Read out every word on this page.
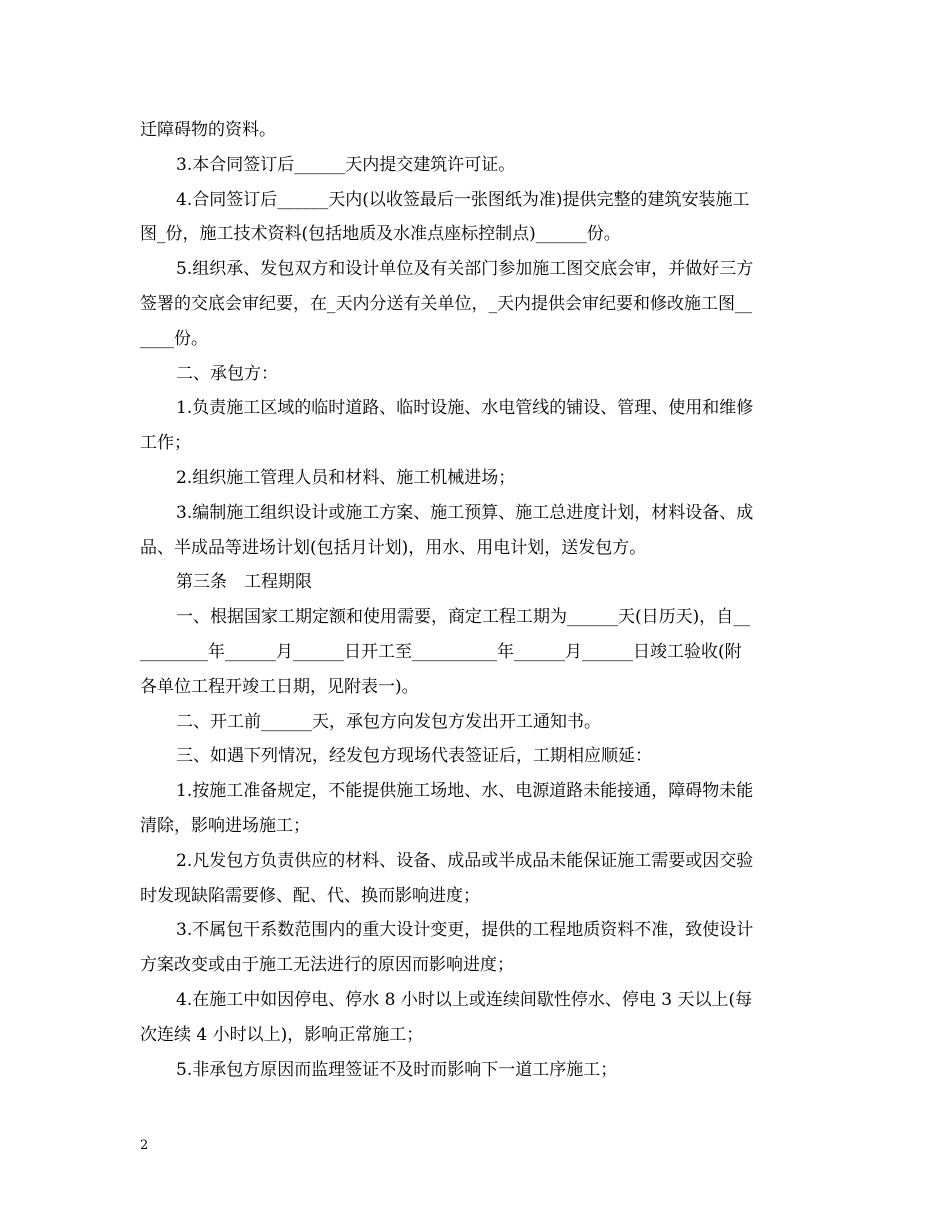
迁障碍物的资料。
3.本合同签订后______天内提交建筑许可证。
4.合同签订后______天内(以收签最后一张图纸为准)提供完整的建筑安装施工
图_份，施工技术资料(包括地质及水准点座标控制点)______份。
5.组织承、发包双方和设计单位及有关部门参加施工图交底会审，并做好三方
签署的交底会审纪要，在_天内分送有关单位，_天内提供会审纪要和修改施工图__
____份。
二、承包方：
1.负责施工区域的临时道路、临时设施、水电管线的铺设、管理、使用和维修
工作；
2.组织施工管理人员和材料、施工机械进场；
3.编制施工组织设计或施工方案、施工预算、施工总进度计划，材料设备、成
品、半成品等进场计划(包括月计划)，用水、用电计划，送发包方。
第三条　工程期限
一、根据国家工期定额和使用需要，商定工程工期为______天(日历天)，自__
________年______月______日开工至__________年______月______日竣工验收(附
各单位工程开竣工日期，见附表一)。
二、开工前______天，承包方向发包方发出开工通知书。
三、如遇下列情况，经发包方现场代表签证后，工期相应顺延：
1.按施工准备规定，不能提供施工场地、水、电源道路未能接通，障碍物未能
清除，影响进场施工；
2.凡发包方负责供应的材料、设备、成品或半成品未能保证施工需要或因交验
时发现缺陷需要修、配、代、换而影响进度；
3.不属包干系数范围内的重大设计变更，提供的工程地质资料不准，致使设计
方案改变或由于施工无法进行的原因而影响进度；
4.在施工中如因停电、停水 8 小时以上或连续间歇性停水、停电 3 天以上(每
次连续 4 小时以上)，影响正常施工；
5.非承包方原因而监理签证不及时而影响下一道工序施工；
2
